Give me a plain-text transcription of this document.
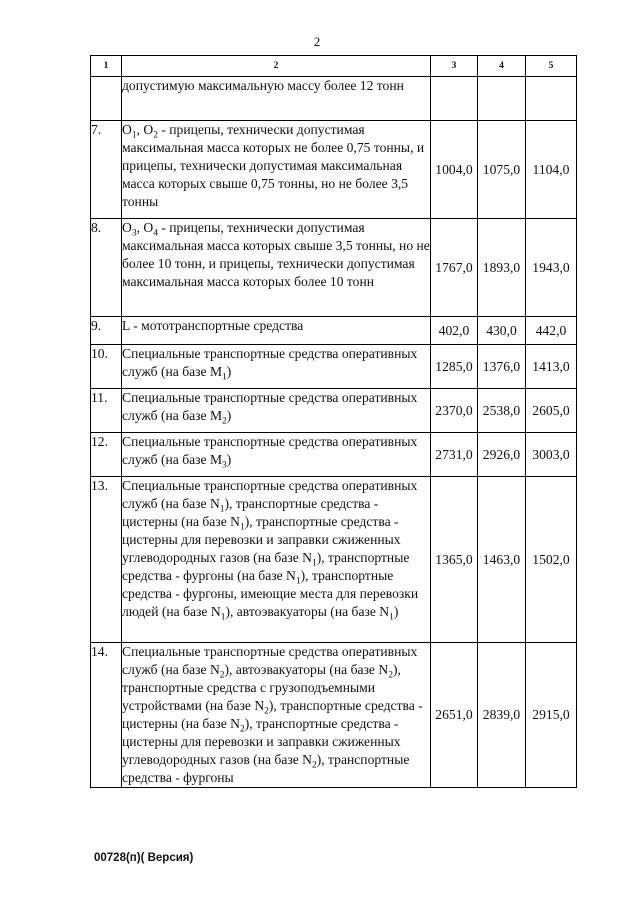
2
1	2	3	4	5
	допустимую максимальную массу более 12 тонн			
7.	$O_1$, $O_2$ - прицепы, технически допустимая максимальная масса которых не более 0,75 тонны, и прицепы, технически допустимая максимальная масса которых свыше 0,75 тонны, но не более 3,5 тонны	1004,0	1075,0	1104,0
8.	$O_3$, $O_4$ - прицепы, технически допустимая максимальная масса которых свыше 3,5 тонны, но не более 10 тонн, и прицепы, технически допустимая максимальная масса которых более 10 тонн	1767,0	1893,0	1943,0
9.	L - мототранспортные средства	402,0	430,0	442,0
10.	Специальные транспортные средства оперативных служб (на базе $M_1$)	1285,0	1376,0	1413,0
11.	Специальные транспортные средства оперативных служб (на базе $M_2$)	2370,0	2538,0	2605,0
12.	Специальные транспортные средства оперативных служб (на базе $M_3$)	2731,0	2926,0	3003,0
13.	Специальные транспортные средства оперативных служб (на базе $N_1$), транспортные средства - цистерны (на базе $N_1$), транспортные средства - цистерны для перевозки и заправки сжиженных углеводородных газов (на базе $N_1$), транспортные средства - фургоны (на базе $N_1$), транспортные средства - фургоны, имеющие места для перевозки людей (на базе $N_1$), автоэвакуаторы (на базе $N_1$)	1365,0	1463,0	1502,0
14.	Специальные транспортные средства оперативных служб (на базе $N_2$), автоэвакуаторы (на базе $N_2$), транспортные средства с грузоподъемными устройствами (на базе $N_2$), транспортные средства - цистерны (на базе $N_2$), транспортные средства - цистерны для перевозки и заправки сжиженных углеводородных газов (на базе $N_2$), транспортные средства - фургоны	2651,0	2839,0	2915,0
00728(п)( Версия)
